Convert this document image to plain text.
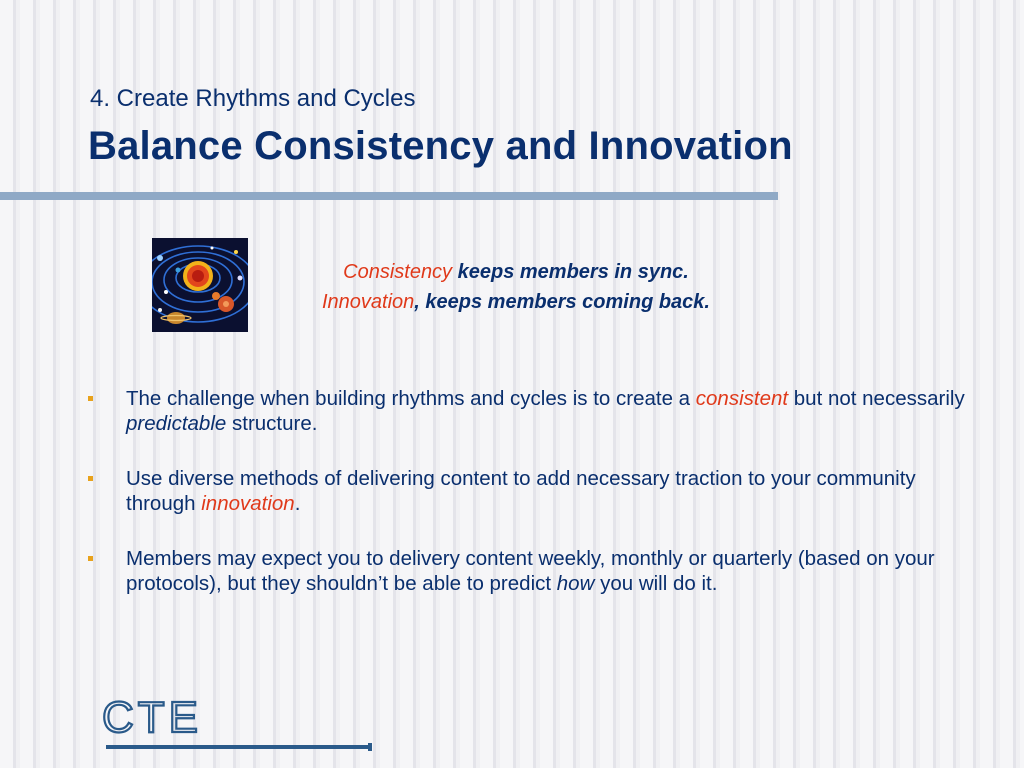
4. Create Rhythms and Cycles
Balance Consistency and Innovation
Consistency keeps members in sync.
Innovation, keeps members coming back.
The challenge when building rhythms and cycles is to create a consistent but not necessarily predictable structure.
Use diverse methods of delivering content to add necessary traction to your community through innovation.
Members may expect you to delivery content weekly, monthly or quarterly (based on your protocols), but they shouldn’t be able to predict how you will do it.
CTE
